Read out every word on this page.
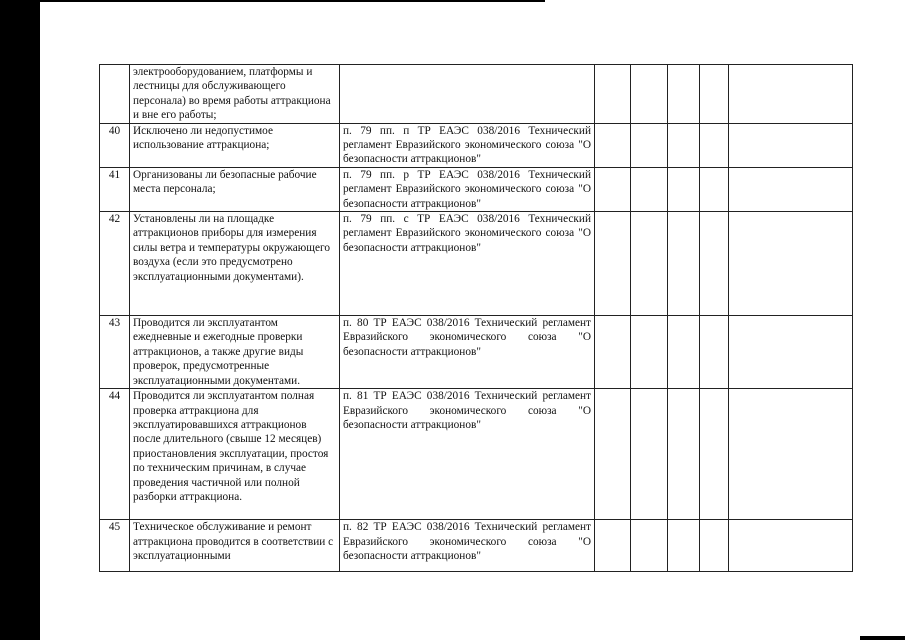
	электрооборудованием, платформы и лестницы для обслуживающего персонала) во время работы аттракциона и вне его работы;						
40	Исключено ли недопустимое использование аттракциона;	п. 79 пп. п ТР ЕАЭС 038/2016 Технический регламент Евразийского экономического союза "О безопасности аттракционов"					
41	Организованы ли безопасные рабочие места персонала;	п. 79 пп. р ТР ЕАЭС 038/2016 Технический регламент Евразийского экономического союза "О безопасности аттракционов"					
42	Установлены ли на площадке аттракционов приборы для измерения силы ветра и температуры окружающего воздуха (если это предусмотрено эксплуатационными документами).	п. 79 пп. с ТР ЕАЭС 038/2016 Технический регламент Евразийского экономического союза "О безопасности аттракционов"					
43	Проводится ли эксплуатантом ежедневные и ежегодные проверки аттракционов, а также другие виды проверок, предусмотренные эксплуатационными документами.	п. 80 ТР ЕАЭС 038/2016 Технический регламент Евразийского экономического союза "О безопасности аттракционов"					
44	Проводится ли эксплуатантом полная проверка аттракциона для эксплуатировавшихся аттракционов после длительного (свыше 12 месяцев) приостановления эксплуатации, простоя по техническим причинам, в случае проведения частичной или полной разборки аттракциона.	п. 81 ТР ЕАЭС 038/2016 Технический регламент Евразийского экономического союза "О безопасности аттракционов"					
45	Техническое обслуживание и ремонт аттракциона проводится в соответствии с эксплуатационными	п. 82 ТР ЕАЭС 038/2016 Технический регламент Евразийского экономического союза "О безопасности аттракционов"					
